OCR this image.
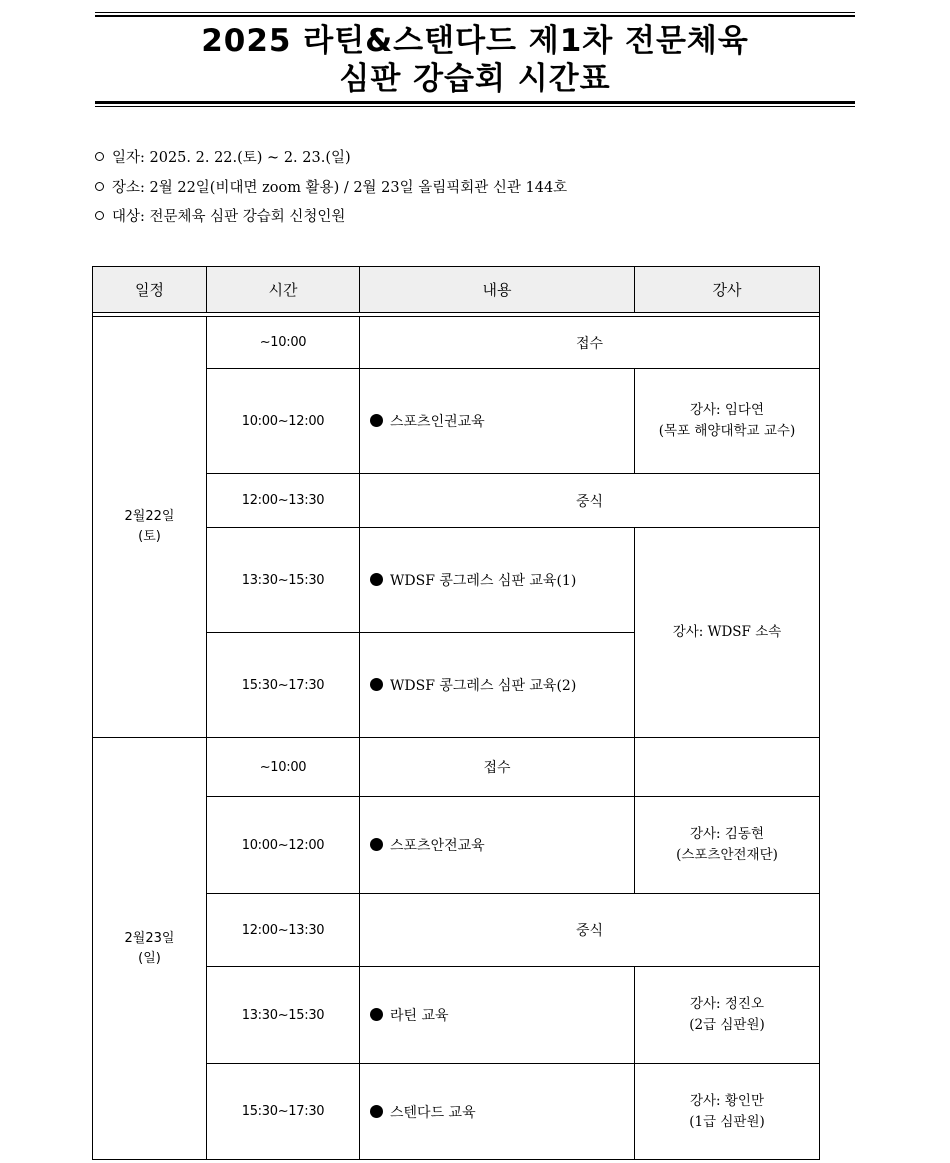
2025 라틴&스탠다드 제1차 전문체육
심판 강습회 시간표
일자: 2025. 2. 22.(토) ~ 2. 23.(일)
장소: 2월 22일(비대면 zoom 활용) / 2월 23일 올림픽회관 신관 144호
대상: 전문체육 심판 강습회 신청인원
일정	시간	내용	강사

2월22일
(토)	~10:00	접수	
	10:00~12:00	스포츠인권교육	강사: 임다연
(목포 해양대학교 교수)

	12:00~13:30	중식	
	13:30~15:30	WDSF 콩그레스 심판 교육(1)	강사: WDSF 소속
	15:30~17:30	WDSF 콩그레스 심판 교육(2)	

2월23일
(일)	~10:00	접수	
	10:00~12:00	스포츠안전교육	강사: 김동현
(스포츠안전재단)

	12:00~13:30	중식	
	13:30~15:30	라틴 교육	강사: 정진오
(2급 심판원)

	15:30~17:30	스텐다드 교육	강사: 황인만
(1급 심판원)
